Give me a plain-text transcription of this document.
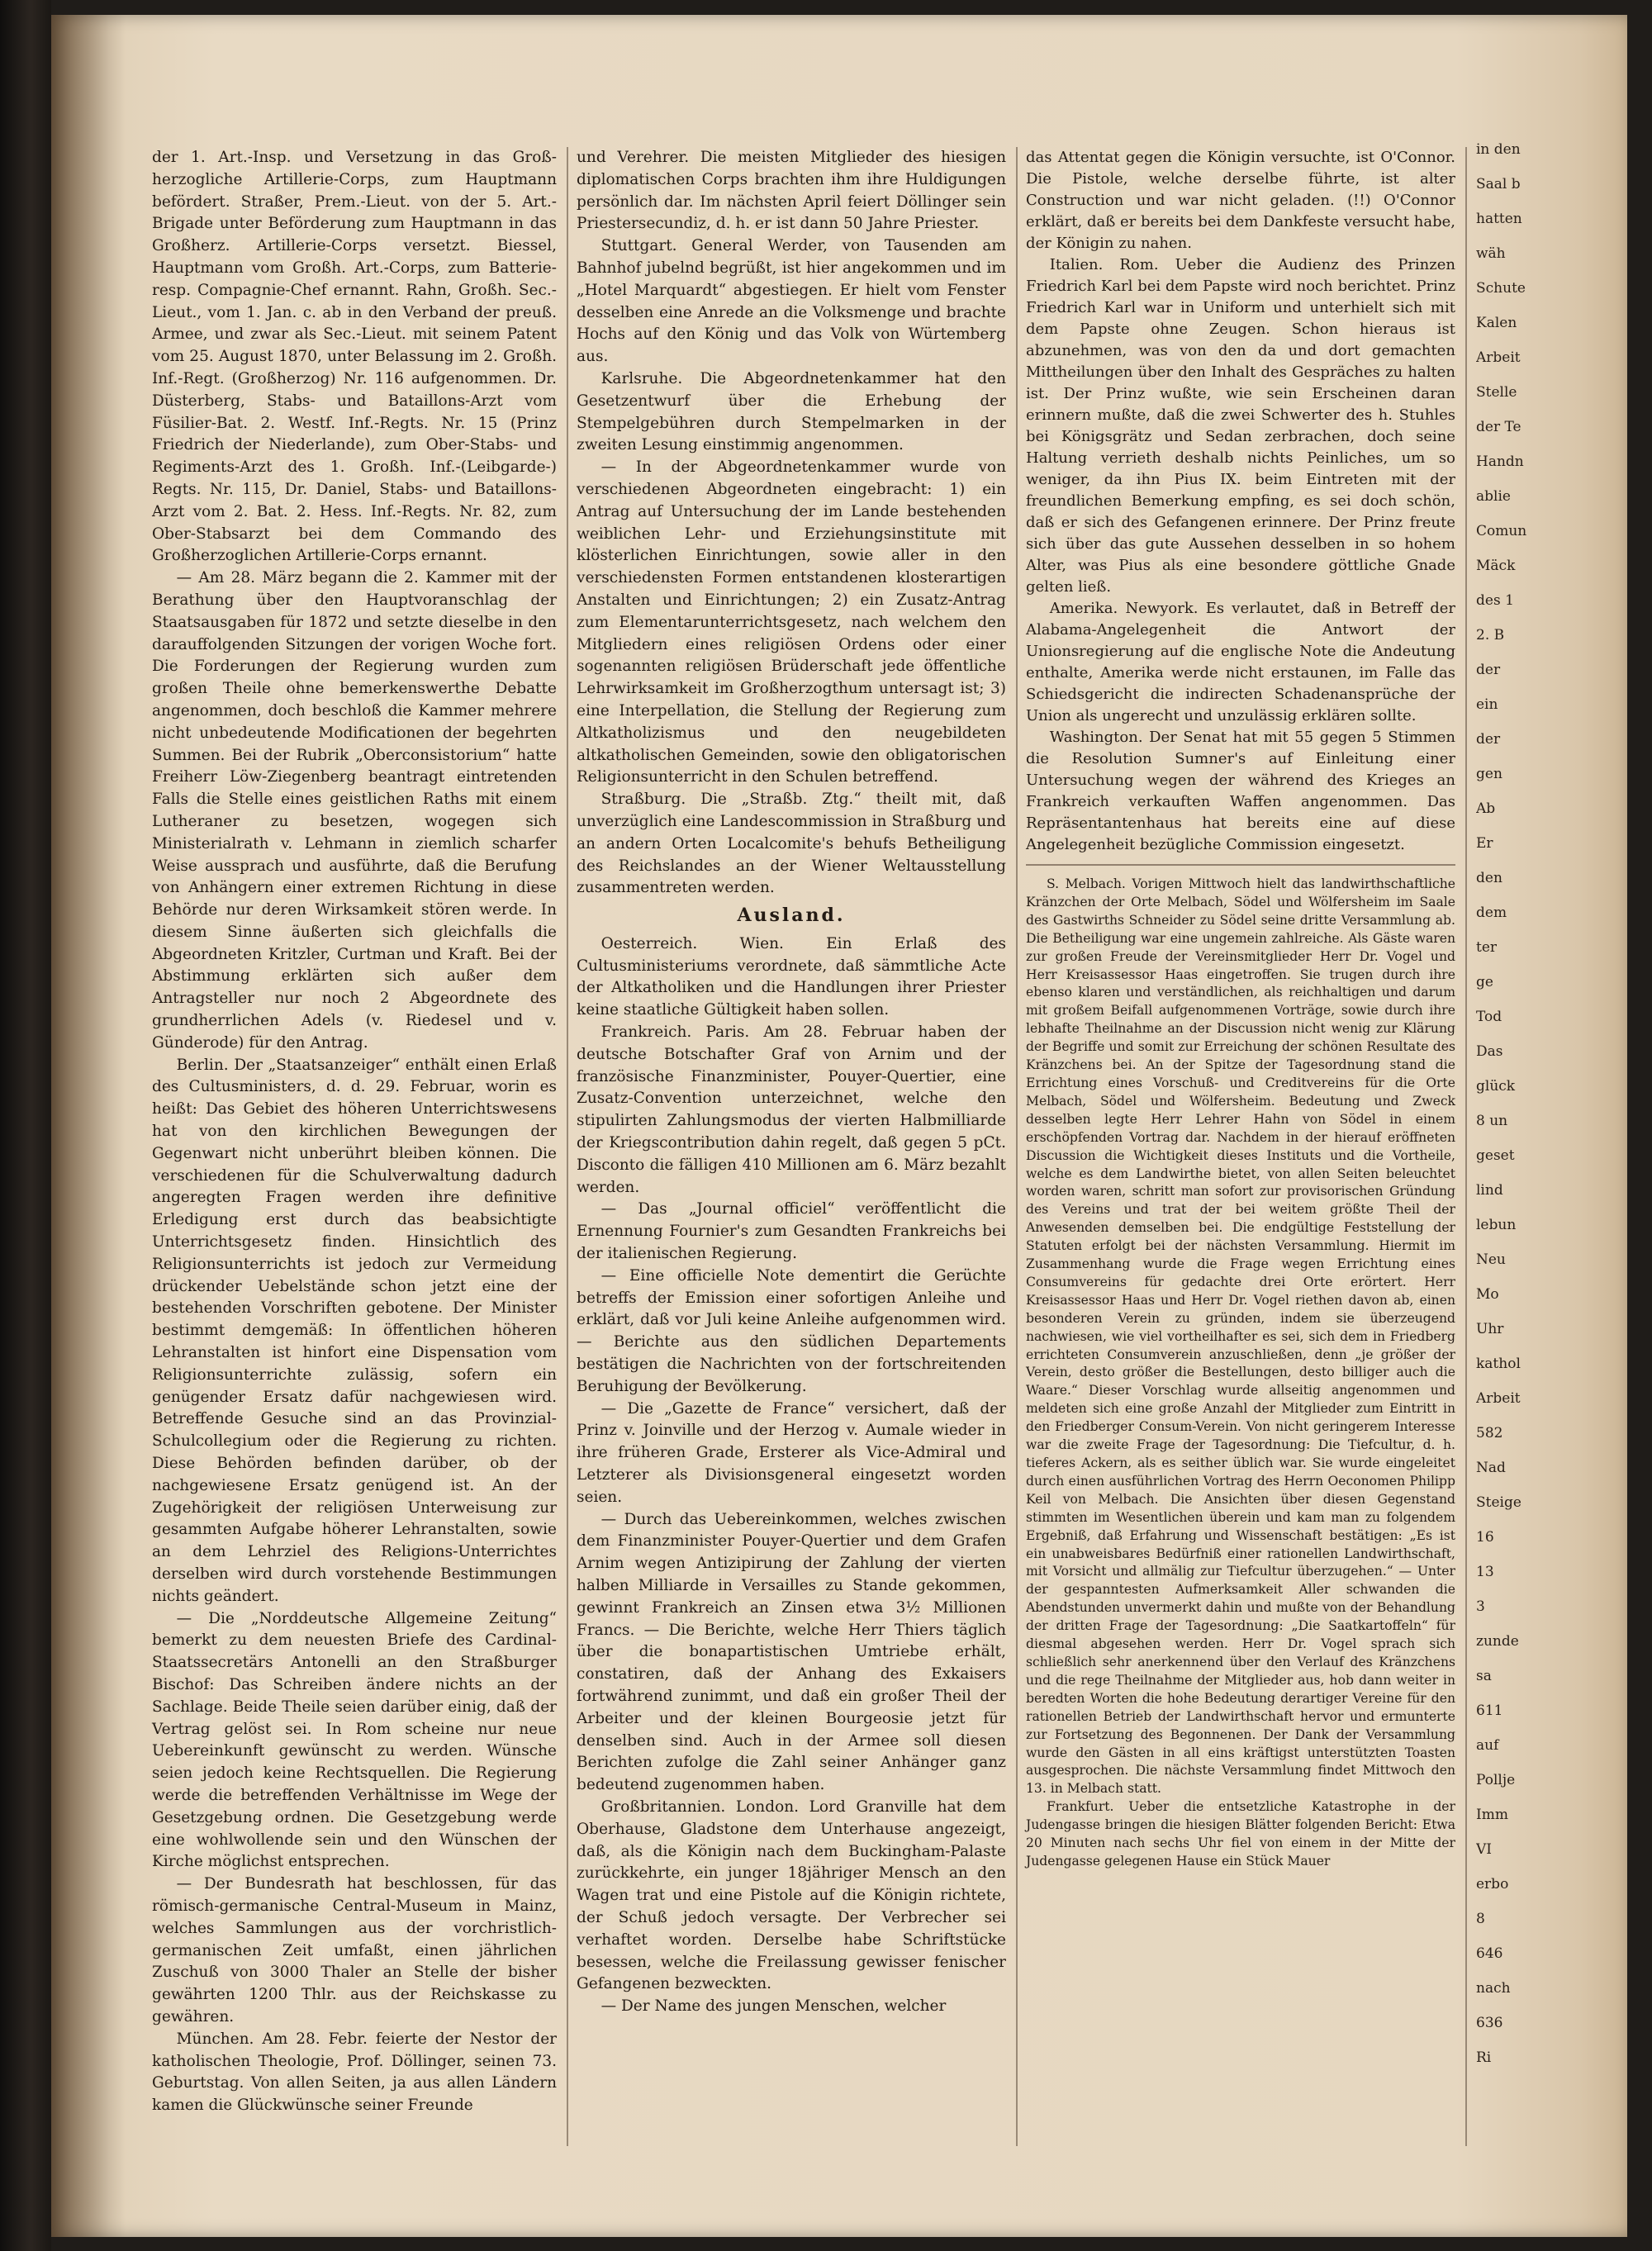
der 1. Art.-Insp. und Versetzung in das Groß-herzogliche Artillerie-Corps, zum Hauptmann befördert. Straßer, Prem.-Lieut. von der 5. Art.-Brigade unter Beförderung zum Hauptmann in das Großherz. Artillerie-Corps versetzt. Biessel, Hauptmann vom Großh. Art.-Corps, zum Batterie-resp. Compagnie-Chef ernannt. Rahn, Großh. Sec.-Lieut., vom 1. Jan. c. ab in den Verband der preuß. Armee, und zwar als Sec.-Lieut. mit seinem Patent vom 25. August 1870, unter Belassung im 2. Großh. Inf.-Regt. (Großherzog) Nr. 116 aufgenommen. Dr. Düsterberg, Stabs- und Bataillons-Arzt vom Füsilier-Bat. 2. Westf. Inf.-Regts. Nr. 15 (Prinz Friedrich der Niederlande), zum Ober-Stabs- und Regiments-Arzt des 1. Großh. Inf.-(Leibgarde-) Regts. Nr. 115, Dr. Daniel, Stabs- und Bataillons-Arzt vom 2. Bat. 2. Hess. Inf.-Regts. Nr. 82, zum Ober-Stabsarzt bei dem Commando des Großherzoglichen Artillerie-Corps ernannt.

— Am 28. März begann die 2. Kammer mit der Berathung über den Hauptvoranschlag der Staatsausgaben für 1872 und setzte dieselbe in den darauffolgenden Sitzungen der vorigen Woche fort. Die Forderungen der Regierung wurden zum großen Theile ohne bemerkenswerthe Debatte angenommen, doch beschloß die Kammer mehrere nicht unbedeutende Modificationen der begehrten Summen. Bei der Rubrik „Oberconsistorium“ hatte Freiherr Löw-Ziegenberg beantragt eintretenden Falls die Stelle eines geistlichen Raths mit einem Lutheraner zu besetzen, wogegen sich Ministerialrath v. Lehmann in ziemlich scharfer Weise aussprach und ausführte, daß die Berufung von Anhängern einer extremen Richtung in diese Behörde nur deren Wirksamkeit stören werde. In diesem Sinne äußerten sich gleichfalls die Abgeordneten Kritzler, Curtman und Kraft. Bei der Abstimmung erklärten sich außer dem Antragsteller nur noch 2 Abgeordnete des grundherrlichen Adels (v. Riedesel und v. Günderode) für den Antrag.

Berlin. Der „Staatsanzeiger“ enthält einen Erlaß des Cultusministers, d. d. 29. Februar, worin es heißt: Das Gebiet des höheren Unterrichtswesens hat von den kirchlichen Bewegungen der Gegenwart nicht unberührt bleiben können. Die verschiedenen für die Schulverwaltung dadurch angeregten Fragen werden ihre definitive Erledigung erst durch das beabsichtigte Unterrichtsgesetz finden. Hinsichtlich des Religionsunterrichts ist jedoch zur Vermeidung drückender Uebelstände schon jetzt eine der bestehenden Vorschriften gebotene. Der Minister bestimmt demgemäß: In öffentlichen höheren Lehranstalten ist hinfort eine Dispensation vom Religionsunterrichte zulässig, sofern ein genügender Ersatz dafür nachgewiesen wird. Betreffende Gesuche sind an das Provinzial-Schulcollegium oder die Regierung zu richten. Diese Behörden befinden darüber, ob der nachgewiesene Ersatz genügend ist. An der Zugehörigkeit der religiösen Unterweisung zur gesammten Aufgabe höherer Lehranstalten, sowie an dem Lehrziel des Religions-Unterrichtes derselben wird durch vorstehende Bestimmungen nichts geändert.

— Die „Norddeutsche Allgemeine Zeitung“ bemerkt zu dem neuesten Briefe des Cardinal-Staatssecretärs Antonelli an den Straßburger Bischof: Das Schreiben ändere nichts an der Sachlage. Beide Theile seien darüber einig, daß der Vertrag gelöst sei. In Rom scheine nur neue Uebereinkunft gewünscht zu werden. Wünsche seien jedoch keine Rechtsquellen. Die Regierung werde die betreffenden Verhältnisse im Wege der Gesetzgebung ordnen. Die Gesetzgebung werde eine wohlwollende sein und den Wünschen der Kirche möglichst entsprechen.

— Der Bundesrath hat beschlossen, für das römisch-germanische Central-Museum in Mainz, welches Sammlungen aus der vorchristlich-germanischen Zeit umfaßt, einen jährlichen Zuschuß von 3000 Thaler an Stelle der bisher gewährten 1200 Thlr. aus der Reichskasse zu gewähren.

München. Am 28. Febr. feierte der Nestor der katholischen Theologie, Prof. Döllinger, seinen 73. Geburtstag. Von allen Seiten, ja aus allen Ländern kamen die Glückwünsche seiner Freunde

und Verehrer. Die meisten Mitglieder des hiesigen diplomatischen Corps brachten ihm ihre Huldigungen persönlich dar. Im nächsten April feiert Döllinger sein Priestersecundiz, d. h. er ist dann 50 Jahre Priester.

Stuttgart. General Werder, von Tausenden am Bahnhof jubelnd begrüßt, ist hier angekommen und im „Hotel Marquardt“ abgestiegen. Er hielt vom Fenster desselben eine Anrede an die Volksmenge und brachte Hochs auf den König und das Volk von Würtemberg aus.

Karlsruhe. Die Abgeordnetenkammer hat den Gesetzentwurf über die Erhebung der Stempelgebühren durch Stempelmarken in der zweiten Lesung einstimmig angenommen.

— In der Abgeordnetenkammer wurde von verschiedenen Abgeordneten eingebracht: 1) ein Antrag auf Untersuchung der im Lande bestehenden weiblichen Lehr- und Erziehungsinstitute mit klösterlichen Einrichtungen, sowie aller in den verschiedensten Formen entstandenen klosterartigen Anstalten und Einrichtungen; 2) ein Zusatz-Antrag zum Elementarunterrichtsgesetz, nach welchem den Mitgliedern eines religiösen Ordens oder einer sogenannten religiösen Brüderschaft jede öffentliche Lehrwirksamkeit im Großherzogthum untersagt ist; 3) eine Interpellation, die Stellung der Regierung zum Altkatholizismus und den neugebildeten altkatholischen Gemeinden, sowie den obligatorischen Religionsunterricht in den Schulen betreffend.

Straßburg. Die „Straßb. Ztg.“ theilt mit, daß unverzüglich eine Landescommission in Straßburg und an andern Orten Localcomite's behufs Betheiligung des Reichslandes an der Wiener Weltausstellung zusammentreten werden.

Ausland.

Oesterreich. Wien. Ein Erlaß des Cultusministeriums verordnete, daß sämmtliche Acte der Altkatholiken und die Handlungen ihrer Priester keine staatliche Gültigkeit haben sollen.

Frankreich. Paris. Am 28. Februar haben der deutsche Botschafter Graf von Arnim und der französische Finanzminister, Pouyer-Quertier, eine Zusatz-Convention unterzeichnet, welche den stipulirten Zahlungsmodus der vierten Halbmilliarde der Kriegscontribution dahin regelt, daß gegen 5 pCt. Disconto die fälligen 410 Millionen am 6. März bezahlt werden.

— Das „Journal officiel“ veröffentlicht die Ernennung Fournier's zum Gesandten Frankreichs bei der italienischen Regierung.

— Eine officielle Note dementirt die Gerüchte betreffs der Emission einer sofortigen Anleihe und erklärt, daß vor Juli keine Anleihe aufgenommen wird. — Berichte aus den südlichen Departements bestätigen die Nachrichten von der fortschreitenden Beruhigung der Bevölkerung.

— Die „Gazette de France“ versichert, daß der Prinz v. Joinville und der Herzog v. Aumale wieder in ihre früheren Grade, Ersterer als Vice-Admiral und Letzterer als Divisionsgeneral eingesetzt worden seien.

— Durch das Uebereinkommen, welches zwischen dem Finanzminister Pouyer-Quertier und dem Grafen Arnim wegen Antizipirung der Zahlung der vierten halben Milliarde in Versailles zu Stande gekommen, gewinnt Frankreich an Zinsen etwa 3½ Millionen Francs. — Die Berichte, welche Herr Thiers täglich über die bonapartistischen Umtriebe erhält, constatiren, daß der Anhang des Exkaisers fortwährend zunimmt, und daß ein großer Theil der Arbeiter und der kleinen Bourgeosie jetzt für denselben sind. Auch in der Armee soll diesen Berichten zufolge die Zahl seiner Anhänger ganz bedeutend zugenommen haben.

Großbritannien. London. Lord Granville hat dem Oberhause, Gladstone dem Unterhause angezeigt, daß, als die Königin nach dem Buckingham-Palaste zurückkehrte, ein junger 18jähriger Mensch an den Wagen trat und eine Pistole auf die Königin richtete, der Schuß jedoch versagte. Der Verbrecher sei verhaftet worden. Derselbe habe Schriftstücke besessen, welche die Freilassung gewisser fenischer Gefangenen bezweckten.

— Der Name des jungen Menschen, welcher

das Attentat gegen die Königin versuchte, ist O'Connor. Die Pistole, welche derselbe führte, ist alter Construction und war nicht geladen. (!!) O'Connor erklärt, daß er bereits bei dem Dankfeste versucht habe, der Königin zu nahen.

Italien. Rom. Ueber die Audienz des Prinzen Friedrich Karl bei dem Papste wird noch berichtet. Prinz Friedrich Karl war in Uniform und unterhielt sich mit dem Papste ohne Zeugen. Schon hieraus ist abzunehmen, was von den da und dort gemachten Mittheilungen über den Inhalt des Gespräches zu halten ist. Der Prinz wußte, wie sein Erscheinen daran erinnern mußte, daß die zwei Schwerter des h. Stuhles bei Königsgrätz und Sedan zerbrachen, doch seine Haltung verrieth deshalb nichts Peinliches, um so weniger, da ihn Pius IX. beim Eintreten mit der freundlichen Bemerkung empfing, es sei doch schön, daß er sich des Gefangenen erinnere. Der Prinz freute sich über das gute Aussehen desselben in so hohem Alter, was Pius als eine besondere göttliche Gnade gelten ließ.

Amerika. Newyork. Es verlautet, daß in Betreff der Alabama-Angelegenheit die Antwort der Unionsregierung auf die englische Note die Andeutung enthalte, Amerika werde nicht erstaunen, im Falle das Schiedsgericht die indirecten Schadenansprüche der Union als ungerecht und unzulässig erklären sollte.

Washington. Der Senat hat mit 55 gegen 5 Stimmen die Resolution Sumner's auf Einleitung einer Untersuchung wegen der während des Krieges an Frankreich verkauften Waffen angenommen. Das Repräsentantenhaus hat bereits eine auf diese Angelegenheit bezügliche Commission eingesetzt.

S. Melbach. Vorigen Mittwoch hielt das landwirthschaftliche Kränzchen der Orte Melbach, Södel und Wölfersheim im Saale des Gastwirths Schneider zu Södel seine dritte Versammlung ab. Die Betheiligung war eine ungemein zahlreiche. Als Gäste waren zur großen Freude der Vereinsmitglieder Herr Dr. Vogel und Herr Kreisassessor Haas eingetroffen. Sie trugen durch ihre ebenso klaren und verständlichen, als reichhaltigen und darum mit großem Beifall aufgenommenen Vorträge, sowie durch ihre lebhafte Theilnahme an der Discussion nicht wenig zur Klärung der Begriffe und somit zur Erreichung der schönen Resultate des Kränzchens bei. An der Spitze der Tagesordnung stand die Errichtung eines Vorschuß- und Creditvereins für die Orte Melbach, Södel und Wölfersheim. Bedeutung und Zweck desselben legte Herr Lehrer Hahn von Södel in einem erschöpfenden Vortrag dar. Nachdem in der hierauf eröffneten Discussion die Wichtigkeit dieses Instituts und die Vortheile, welche es dem Landwirthe bietet, von allen Seiten beleuchtet worden waren, schritt man sofort zur provisorischen Gründung des Vereins und trat der bei weitem größte Theil der Anwesenden demselben bei. Die endgültige Feststellung der Statuten erfolgt bei der nächsten Versammlung. Hiermit im Zusammenhang wurde die Frage wegen Errichtung eines Consumvereins für gedachte drei Orte erörtert. Herr Kreisassessor Haas und Herr Dr. Vogel riethen davon ab, einen besonderen Verein zu gründen, indem sie überzeugend nachwiesen, wie viel vortheilhafter es sei, sich dem in Friedberg errichteten Consumverein anzuschließen, denn „je größer der Verein, desto größer die Bestellungen, desto billiger auch die Waare.“ Dieser Vorschlag wurde allseitig angenommen und meldeten sich eine große Anzahl der Mitglieder zum Eintritt in den Friedberger Consum-Verein. Von nicht geringerem Interesse war die zweite Frage der Tagesordnung: Die Tiefcultur, d. h. tieferes Ackern, als es seither üblich war. Sie wurde eingeleitet durch einen ausführlichen Vortrag des Herrn Oeconomen Philipp Keil von Melbach. Die Ansichten über diesen Gegenstand stimmten im Wesentlichen überein und kam man zu folgendem Ergebniß, daß Erfahrung und Wissenschaft bestätigen: „Es ist ein unabweisbares Bedürfniß einer rationellen Landwirthschaft, mit Vorsicht und allmälig zur Tiefcultur überzugehen.“ — Unter der gespanntesten Aufmerksamkeit Aller schwanden die Abendstunden unvermerkt dahin und mußte von der Behandlung der dritten Frage der Tagesordnung: „Die Saatkartoffeln“ für diesmal abgesehen werden. Herr Dr. Vogel sprach sich schließlich sehr anerkennend über den Verlauf des Kränzchens und die rege Theilnahme der Mitglieder aus, hob dann weiter in beredten Worten die hohe Bedeutung derartiger Vereine für den rationellen Betrieb der Landwirthschaft hervor und ermunterte zur Fortsetzung des Begonnenen. Der Dank der Versammlung wurde den Gästen in all eins kräftigst unterstützten Toasten ausgesprochen. Die nächste Versammlung findet Mittwoch den 13. in Melbach statt.

Frankfurt. Ueber die entsetzliche Katastrophe in der Judengasse bringen die hiesigen Blätter folgenden Bericht: Etwa 20 Minuten nach sechs Uhr fiel von einem in der Mitte der Judengasse gelegenen Hause ein Stück Mauer

in den
Saal b
hatten
wäh
Schute
Kalen
Arbeit
Stelle
der Te
Handn
ablie
Comun
Mäck
des 1
2. B
der
ein
der
gen
Ab
Er
den
dem
ter
ge
Tod
Das
glück
8 un
geset
lind
lebun
Neu
Mo
Uhr
kathol
Arbeit
582
Nad
Steige
16
13
3
zunde
sa
611
auf
Pollje
Imm
VI
erbo
8
646
nach
636
Ri
